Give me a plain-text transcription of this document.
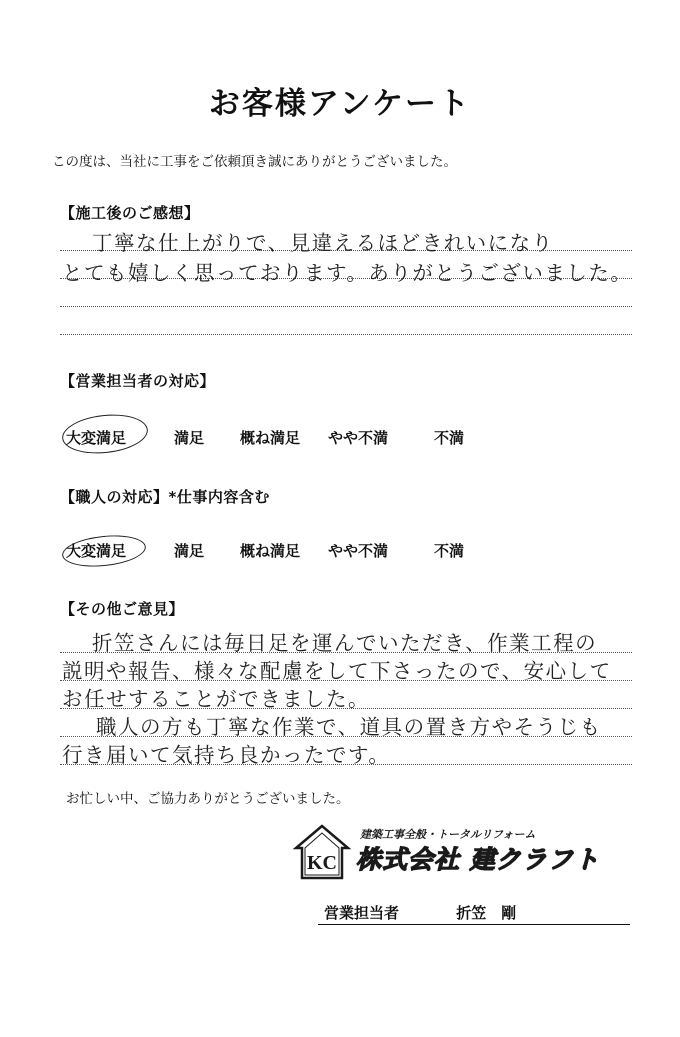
お客様アンケート
この度は、当社に工事をご依頼頂き誠にありがとうございました。
【施工後のご感想】
丁寧な仕上がりで、見違えるほどきれいになり
とても嬉しく思っております。ありがとうございました。
【営業担当者の対応】
大変満足	満足 概ね満足 やや不満	不満
【職人の対応】*仕事内容含む
大変満足	満足 概ね満足 やや不満	不満
【その他ご意見】
折笠さんには毎日足を運んでいただき、作業工程の
説明や報告、様々な配慮をして下さったので、安心して
お任せすることができました。
職人の方も丁寧な作業で、道具の置き方やそうじも
行き届いて気持ち良かったです。
お忙しい中、ご協力ありがとうございました。
KC
建築工事全般・トータルリフォーム
株式会社 建クラフト
営業担当者	折笠　剛
